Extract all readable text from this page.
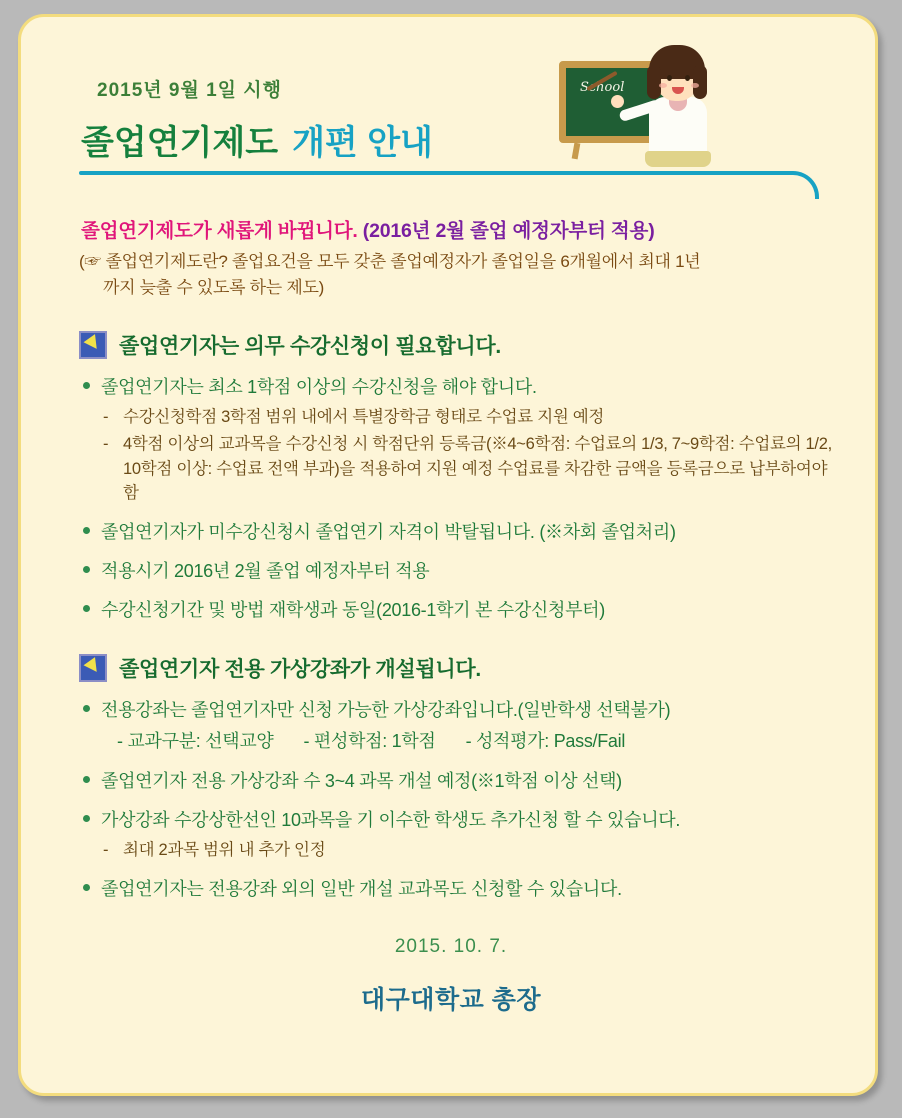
2015년 9월 1일 시행
졸업연기제도 개편 안내
School
졸업연기제도가 새롭게 바뀝니다. (2016년 2월 졸업 예정자부터 적용)
(☞ 졸업연기제도란? 졸업요건을 모두 갖춘 졸업예정자가 졸업일을 6개월에서 최대 1년
까지 늦출 수 있도록 하는 제도)
졸업연기자는 의무 수강신청이 필요합니다.
졸업연기자는 최소 1학점 이상의 수강신청을 해야 합니다.
- 수강신청학점 3학점 범위 내에서 특별장학금 형태로 수업료 지원 예정
- 4학점 이상의 교과목을 수강신청 시 학점단위 등록금(※4~6학점: 수업료의 1/3, 7~9학점: 수업료의 1/2, 10학점 이상: 수업료 전액 부과)을 적용하여 지원 예정 수업료를 차감한 금액을 등록금으로 납부하여야 함
졸업연기자가 미수강신청시 졸업연기 자격이 박탈됩니다. (※차회 졸업처리)
적용시기 2016년 2월 졸업 예정자부터 적용
수강신청기간 및 방법 재학생과 동일(2016-1학기 본 수강신청부터)
졸업연기자 전용 가상강좌가 개설됩니다.
전용강좌는 졸업연기자만 신청 가능한 가상강좌입니다.(일반학생 선택불가)
- 교과구분: 선택교양 - 편성학점: 1학점 - 성적평가: Pass/Fail
졸업연기자 전용 가상강좌 수 3~4 과목 개설 예정(※1학점 이상 선택)
가상강좌 수강상한선인 10과목을 기 이수한 학생도 추가신청 할 수 있습니다.
- 최대 2과목 범위 내 추가 인정
졸업연기자는 전용강좌 외의 일반 개설 교과목도 신청할 수 있습니다.
2015. 10. 7.
대구대학교 총장
